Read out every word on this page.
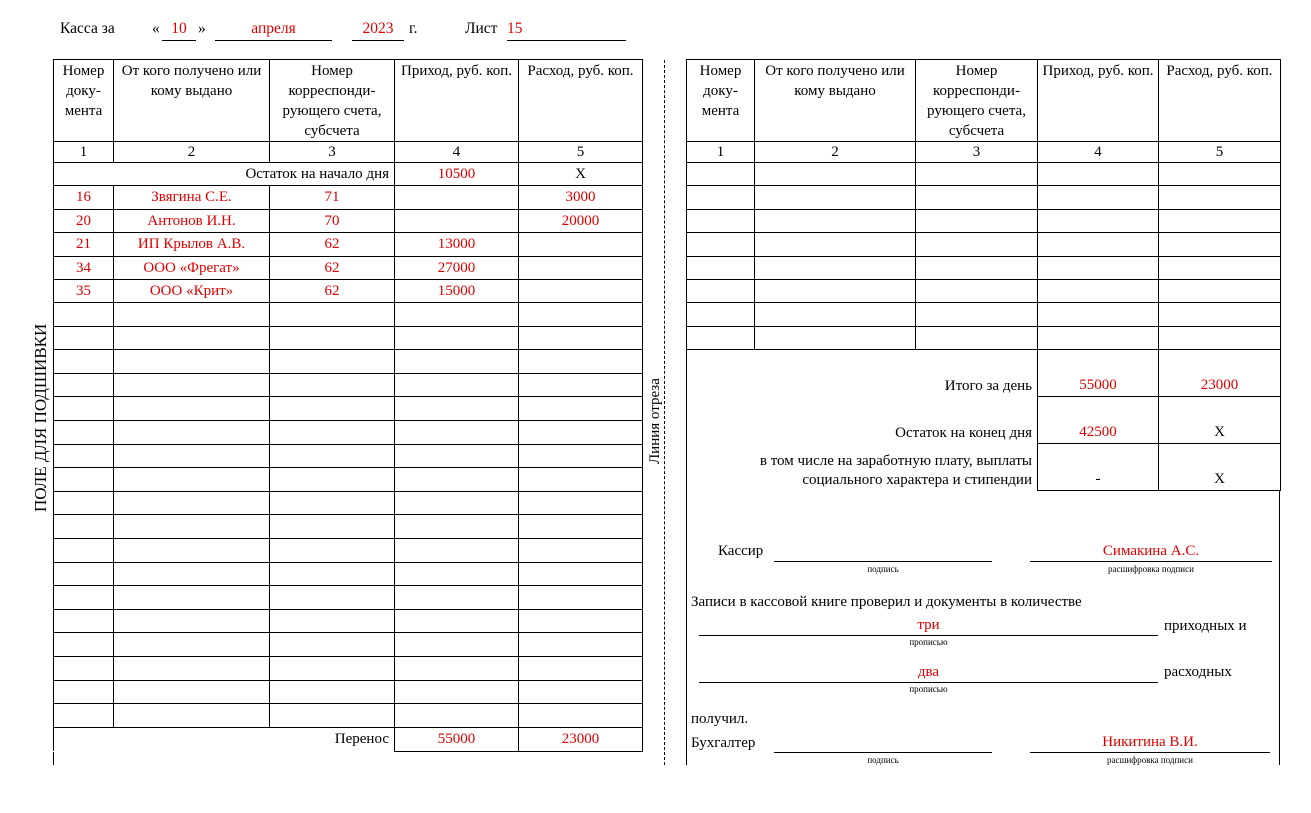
Касса за « 10 »	апреля	2023	г.	Лист 15
ПОЛЕ ДЛЯ ПОДШИВКИ	Линия отреза
Номер доку-мента	От кого получено или кому выдано	Номер корреспонди-рующего счета, субсчета	Приход, руб. коп.	Расход, руб. коп.
1	2	3	4	5
Остаток на начало дня			10500	X
16	Звягина С.Е.	71		3000
20	Антонов И.Н.	70		20000
21	ИП Крылов А.В.	62	13000	
34	ООО «Фрегат»	62	27000	
35	ООО «Крит»	62	15000	

Перенос			55000	23000
Номер доку-мента	От кого получено или кому выдано	Номер корреспонди-рующего счета, субсчета	Приход, руб. коп.	Расход, руб. коп.
1	2	3	4	5

Итого за день			55000	23000
Остаток на конец дня			42500	X

в том числе на заработную плату, выплаты
социального характера и стипендии			-	X
Кассир
подпись
Симакина А.С.
расшифровка подписи
Записи в кассовой книге проверил и документы в количестве
три	приходных и
прописью
два	расходных
прописью
получил.
Бухгалтер
подпись
Никитина В.И.
расшифровка подписи
